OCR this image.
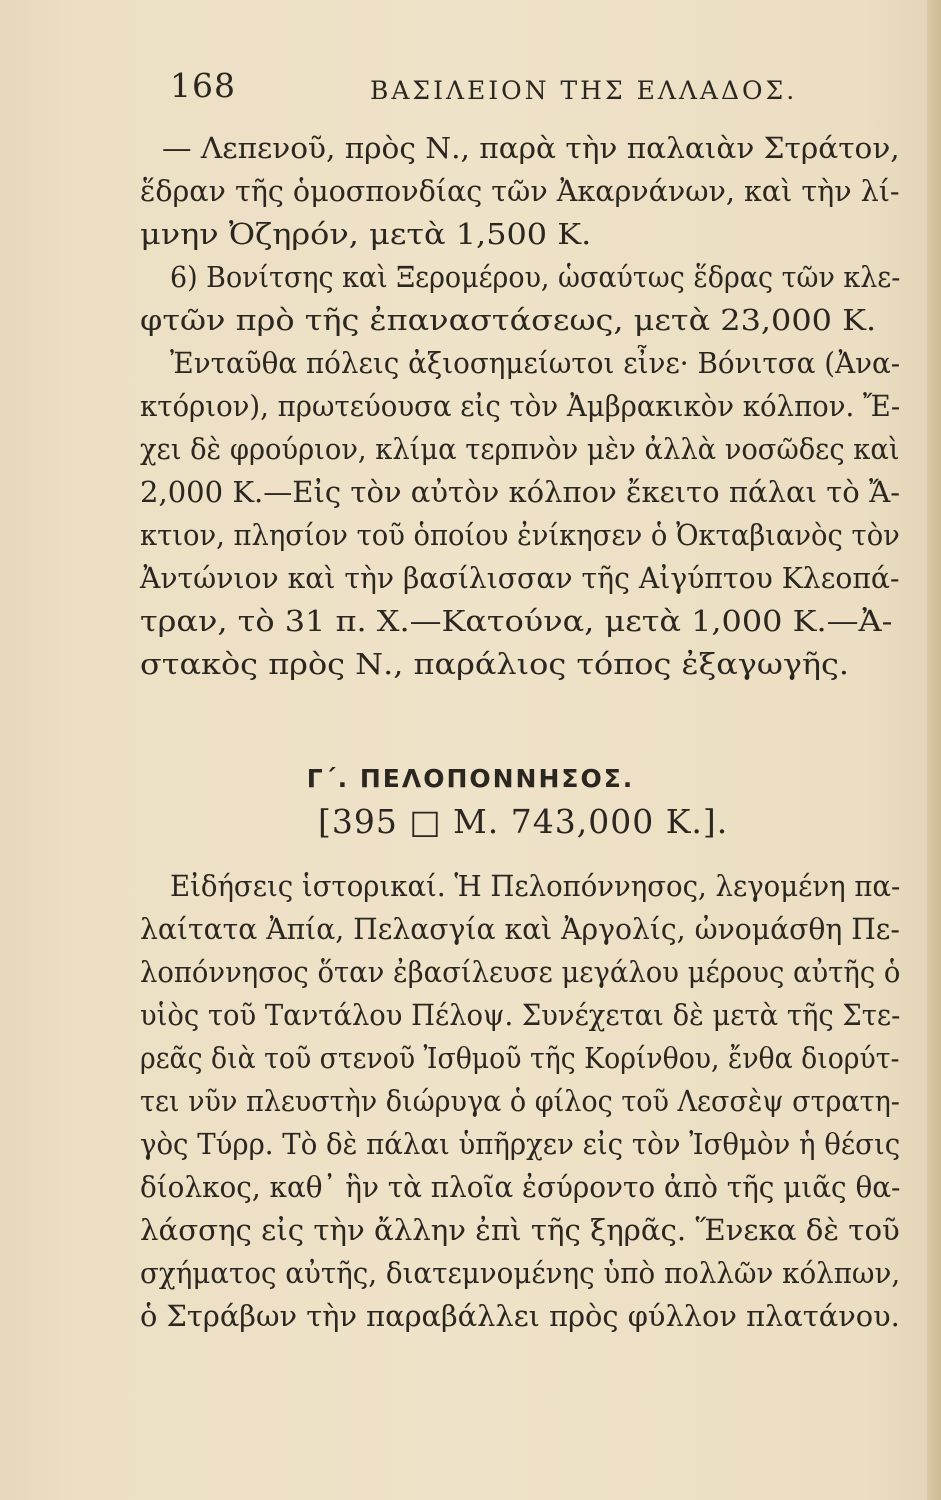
168	ΒΑΣΙΛΕΙΟΝ ΤΗΣ ΕΛΛΑΔΟΣ.
— Λεπενοῦ, πρὸς Ν., παρὰ τὴν παλαιὰν Στράτον,
ἕδραν τῆς ὁμοσπονδίας τῶν Ἀκαρνάνων, καὶ τὴν λί-
μνην Ὀζηρόν, μετὰ 1,500 Κ.
6) Βονίτσης καὶ Ξερομέρου, ὡσαύτως ἕδρας τῶν κλε-
φτῶν πρὸ τῆς ἐπαναστάσεως, μετὰ 23,000 Κ.
Ἐνταῦθα πόλεις ἀξιοσημείωτοι εἶνε· Βόνιτσα (Ἀνα-
κτόριον), πρωτεύουσα εἰς τὸν Ἀμβρακικὸν κόλπον. Ἔ-
χει δὲ φρούριον, κλίμα τερπνὸν μὲν ἀλλὰ νοσῶδες καὶ
2,000 Κ.—Εἰς τὸν αὐτὸν κόλπον ἔκειτο πάλαι τὸ Ἄ-
κτιον, πλησίον τοῦ ὁποίου ἐνίκησεν ὁ Ὀκταβιανὸς τὸν
Ἀντώνιον καὶ τὴν βασίλισσαν τῆς Αἰγύπτου Κλεοπά-
τραν, τὸ 31 π. Χ.—Κατούνα, μετὰ 1,000 Κ.—Ἀ-
στακὸς πρὸς Ν., παράλιος τόπος ἐξαγωγῆς.
Γ΄. ΠΕΛΟΠΟΝΝΗΣΟΣ.
[395 □ Μ. 743,000 Κ.].
Εἰδήσεις ἱστορικαί. Ἡ Πελοπόννησος, λεγομένη πα-
λαίτατα Ἀπία, Πελασγία καὶ Ἀργολίς, ὠνομάσθη Πε-
λοπόννησος ὅταν ἐβασίλευσε μεγάλου μέρους αὐτῆς ὁ
υἱὸς τοῦ Ταντάλου Πέλοψ. Συνέχεται δὲ μετὰ τῆς Στε-
ρεᾶς διὰ τοῦ στενοῦ Ἰσθμοῦ τῆς Κορίνθου, ἔνθα διορύτ-
τει νῦν πλευστὴν διώρυγα ὁ φίλος τοῦ Λεσσὲψ στρατη-
γὸς Τύρρ. Τὸ δὲ πάλαι ὑπῆρχεν εἰς τὸν Ἰσθμὸν ἡ θέσις
δίολκος, καθ᾽ ἣν τὰ πλοῖα ἐσύροντο ἀπὸ τῆς μιᾶς θα-
λάσσης εἰς τὴν ἄλλην ἐπὶ τῆς ξηρᾶς. Ἕνεκα δὲ τοῦ
σχήματος αὐτῆς, διατεμνομένης ὑπὸ πολλῶν κόλπων,
ὁ Στράβων τὴν παραβάλλει πρὸς φύλλον πλατάνου.
